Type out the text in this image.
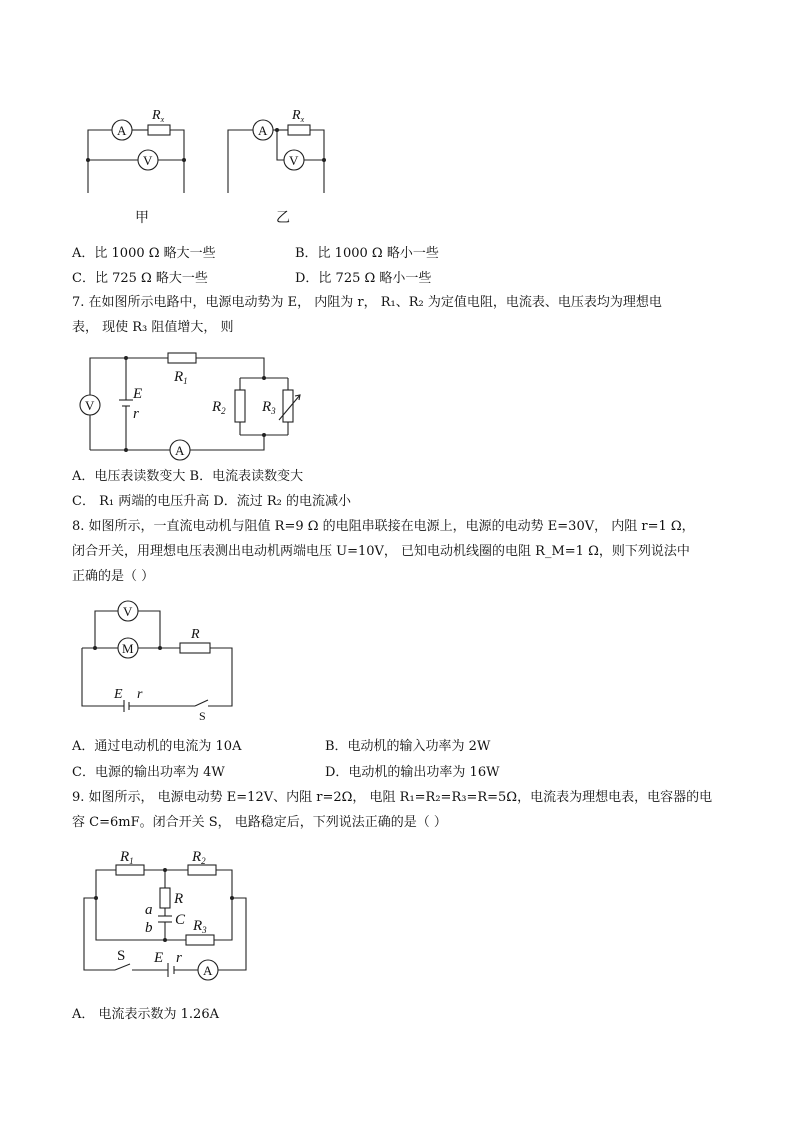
A
V
$R_x$
A
V
$R_x$
甲	乙
A．比 1000 Ω 略大一些	B．比 1000 Ω 略小一些
C．比 725 Ω 略大一些	D．比 725 Ω 略小一些
7. 在如图所示电路中，电源电动势为 E， 内阻为 r， R₁、R₂ 为定值电阻，电流表、电压表均为理想电
表， 现使 R₃ 阻值增大， 则
V
A
E
r
$R_1$
$R_2$ $R_3$
V
M
R
E r
S
$R_1$	$R_2$
$R_3$
R
C
a
b
S E r
A
A．电压表读数变大 B．电流表读数变大
C． R₁ 两端的电压升高 D．流过 R₂ 的电流减小
8. 如图所示，一直流电动机与阻值 R=9 Ω 的电阻串联接在电源上，电源的电动势 E=30V， 内阻 r=1 Ω，
闭合开关，用理想电压表测出电动机两端电压 U=10V， 已知电动机线圈的电阻 R_M=1 Ω，则下列说法中
正确的是（ ）
A．通过电动机的电流为 10A	B．电动机的输入功率为 2W
C．电源的输出功率为 4W	D．电动机的输出功率为 16W
9. 如图所示， 电源电动势 E=12V、内阻 r=2Ω， 电阻 R₁=R₂=R₃=R=5Ω，电流表为理想电表，电容器的电
容 C=6mF。闭合开关 S， 电路稳定后，下列说法正确的是（ ）
A． 电流表示数为 1.26A
